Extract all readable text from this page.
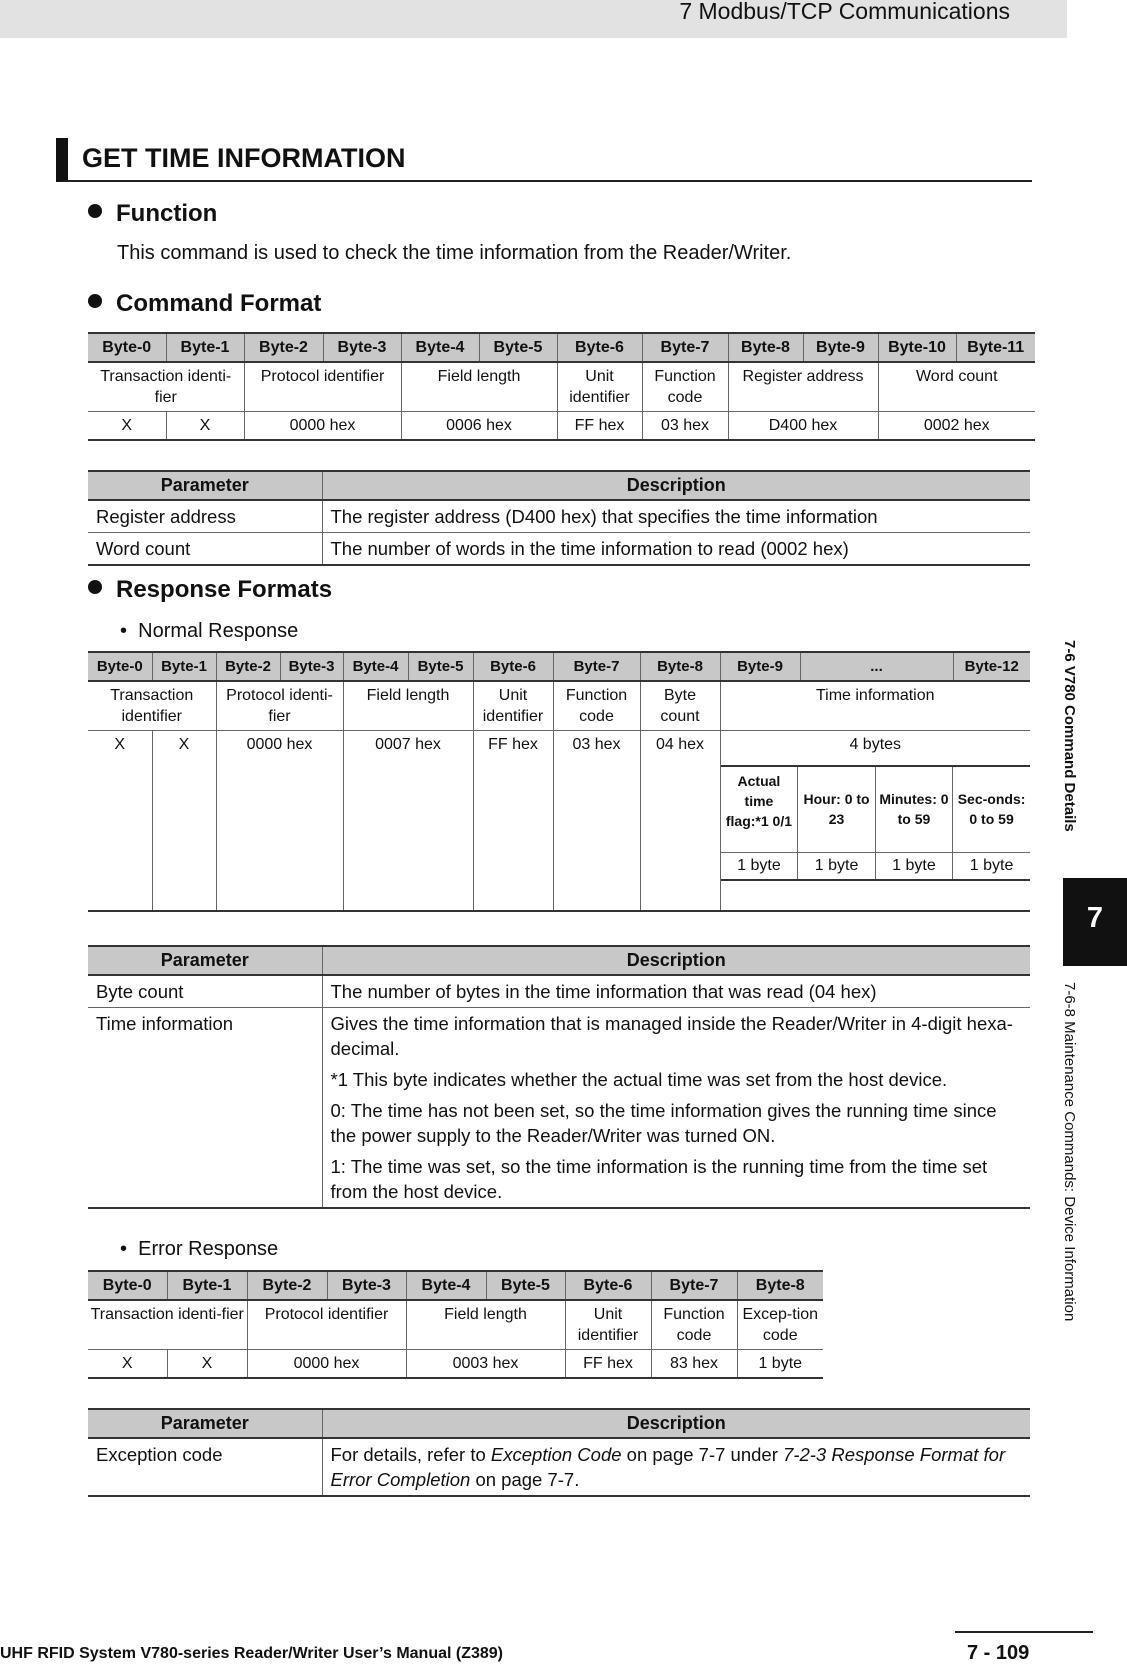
7 Modbus/TCP Communications
GET TIME INFORMATION
Function
This command is used to check the time information from the Reader/Writer.
Command Format
Byte-0	Byte-1	Byte-2	Byte-3	Byte-4	Byte-5	Byte-6	Byte-7	Byte-8	Byte-9	Byte-10	Byte-11
Transaction identi-fier		Protocol identifier		Field length		Unit identifier	Function code	Register address		Word count	
X	X	0000 hex		0006 hex		FF hex	03 hex	D400 hex		0002 hex	
Parameter	Description
Register address	The register address (D400 hex) that specifies the time information
Word count	The number of words in the time information to read (0002 hex)
Response Formats
•  Normal Response
Byte-0	Byte-1	Byte-2	Byte-3	Byte-4	Byte-5	Byte-6	Byte-7	Byte-8	Byte-9	...	Byte-12
Transaction identifier	Protocol identi-fier	Field length	Unit identifier	Function code	Byte count	Time information
X	X	0000 hex	0007 hex	FF hex	03 hex	04 hex	4 bytes
Actual time flag:*1 0/1	Hour: 0 to 23	Minutes: 0 to 59	Sec-onds: 0 to 59
1 byte	1 byte	1 byte	1 byte
Parameter	Description
Byte count	The number of bytes in the time information that was read (04 hex)
Time information	Gives the time information that is managed inside the Reader/Writer in 4-digit hexa-decimal.

*1 This byte indicates whether the actual time was set from the host device.

0: The time has not been set, so the time information gives the running time since the power supply to the Reader/Writer was turned ON.

1: The time was set, so the time information is the running time from the time set from the host device.

•  Error Response
Byte-0	Byte-1	Byte-2	Byte-3	Byte-4	Byte-5	Byte-6	Byte-7	Byte-8
Transaction identi-fier		Protocol identifier		Field length		Unit identifier	Function code	Excep-tion code
X	X	0000 hex		0003 hex		FF hex	83 hex	1 byte
Parameter	Description
Exception code	For details, refer to Exception Code on page 7-7 under 7-2-3 Response Format for Error Completion on page 7-7.
7-6 V780 Command Details
7
7-6-8 Maintenance Commands: Device Information
UHF RFID System V780-series Reader/Writer User’s Manual (Z389)	7 - 109
